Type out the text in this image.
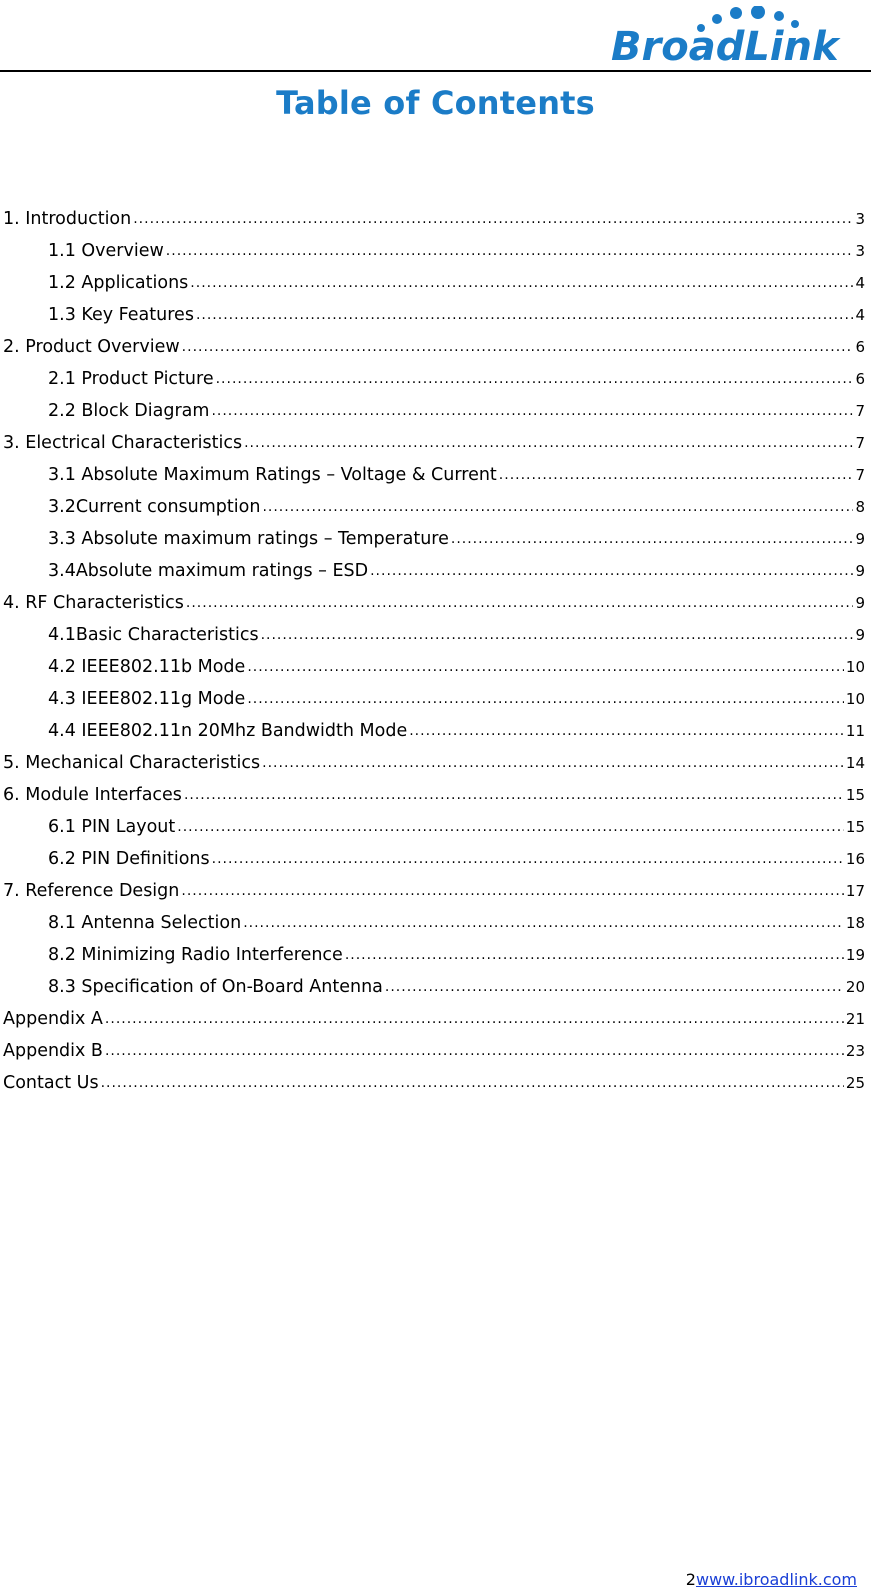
BroadLink
Table of Contents
1. Introduction .....	3
1.1 Overview .....	3
1.2 Applications .....	4
1.3 Key Features .....	4
2. Product Overview .....	6
2.1 Product Picture .....	6
2.2 Block Diagram .....	7
3. Electrical Characteristics .....	7
3.1 Absolute Maximum Ratings – Voltage & Current .....	7
3.2Current consumption .....	8
3.3 Absolute maximum ratings – Temperature .....	9
3.4Absolute maximum ratings – ESD .....	9
4. RF Characteristics .....	9
4.1Basic Characteristics .....	9
4.2 IEEE802.11b Mode .....	10
4.3 IEEE802.11g Mode .....	10
4.4 IEEE802.11n 20Mhz Bandwidth Mode .....	11
5. Mechanical Characteristics .....	14
6. Module Interfaces .....	15
6.1 PIN Layout .....	15
6.2 PIN Definitions .....	16
7. Reference Design .....	17
8.1 Antenna Selection .....	18
8.2 Minimizing Radio Interference .....	19
8.3 Specification of On-Board Antenna .....	20
Appendix A .....	21
Appendix B .....	23
Contact Us .....	25
2www.ibroadlink.com
